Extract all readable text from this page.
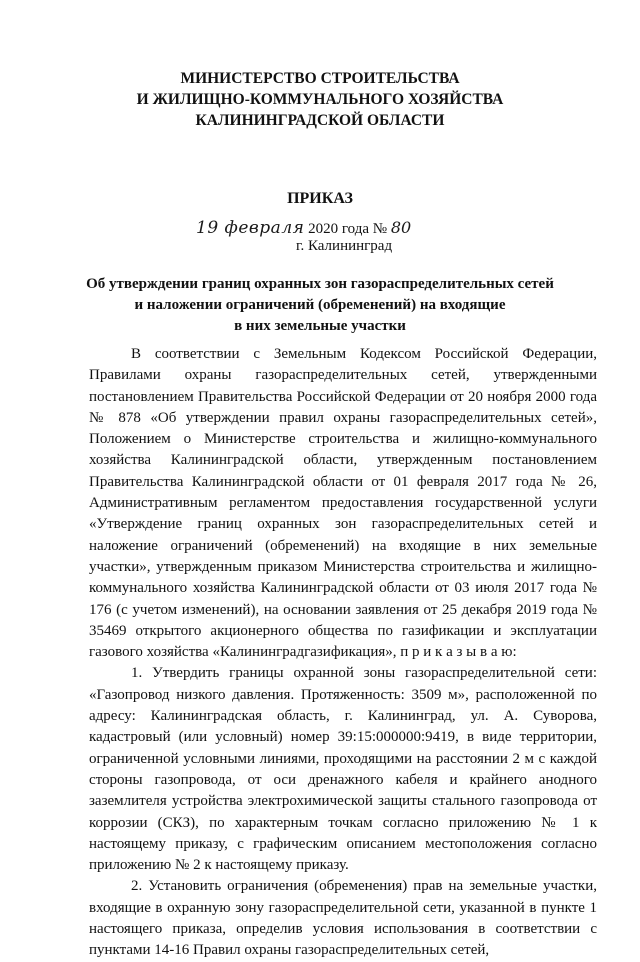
МИНИСТЕРСТВО СТРОИТЕЛЬСТВА
И ЖИЛИЩНО-КОММУНАЛЬНОГО ХОЗЯЙСТВА
КАЛИНИНГРАДСКОЙ ОБЛАСТИ
ПРИКАЗ
19 февраля 2020 года № 80
г. Калининград
Об утверждении границ охранных зон газораспределительных сетей
и наложении ограничений (обременений) на входящие
в них земельные участки

В соответствии с Земельным Кодексом Российской Федерации, Правилами охраны газораспределительных сетей, утвержденными постановлением Правительства Российской Федерации от 20 ноября 2000 года № 878 «Об утверждении правил охраны газораспределительных сетей», Положением о Министерстве строительства и жилищно-коммунального хозяйства Калининградской области, утвержденным постановлением Правительства Калининградской области от 01 февраля 2017 года № 26, Административным регламентом предоставления государственной услуги «Утверждение границ охранных зон газораспределительных сетей и наложение ограничений (обременений) на входящие в них земельные участки», утвержденным приказом Министерства строительства и жилищно-коммунального хозяйства Калининградской области от 03 июля 2017 года № 176 (с учетом изменений), на основании заявления от 25 декабря 2019 года № 35469 открытого акционерного общества по газификации и эксплуатации газового хозяйства «Калининградгазификация», п р и к а з ы в а ю:

1. Утвердить границы охранной зоны газораспределительной сети: «Газопровод низкого давления. Протяженность: 3509 м», расположенной по адресу: Калининградская область, г. Калининград, ул. А. Суворова, кадастровый (или условный) номер 39:15:000000:9419, в виде территории, ограниченной условными линиями, проходящими на расстоянии 2 м с каждой стороны газопровода, от оси дренажного кабеля и крайнего анодного заземлителя устройства электрохимической защиты стального газопровода от коррозии (СКЗ), по характерным точкам согласно приложению № 1 к настоящему приказу, с графическим описанием местоположения согласно приложению № 2 к настоящему приказу.

2. Установить ограничения (обременения) прав на земельные участки, входящие в охранную зону газораспределительной сети, указанной в пункте 1 настоящего приказа, определив условия использования в соответствии с пунктами 14-16 Правил охраны газораспределительных сетей,
